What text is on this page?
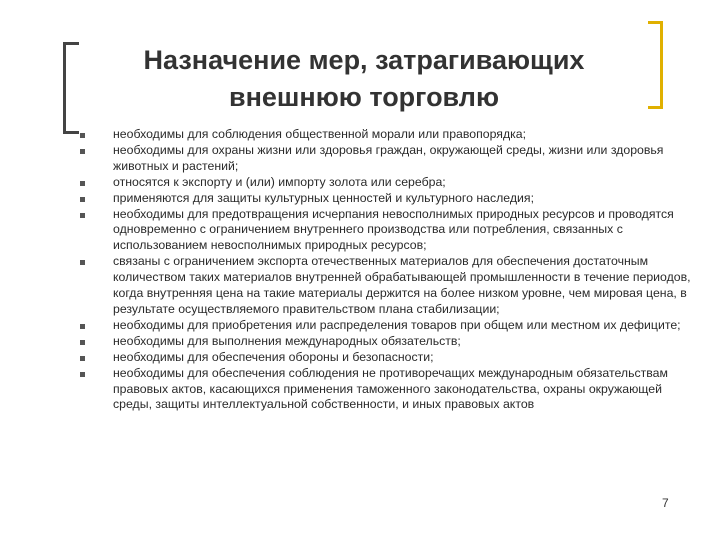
Назначение мер, затрагивающих
внешнюю торговлю
необходимы для соблюдения общественной морали или правопорядка;
необходимы для охраны жизни или здоровья граждан, окружающей среды, жизни или здоровья животных и растений;
относятся к экспорту и (или) импорту золота или серебра;
применяются для защиты культурных ценностей и культурного наследия;
необходимы для предотвращения исчерпания невосполнимых природных ресурсов и проводятся одновременно с ограничением внутреннего производства или потребления, связанных с использованием невосполнимых природных ресурсов;
связаны с ограничением экспорта отечественных материалов для обеспечения достаточным количеством таких материалов внутренней обрабатывающей промышленности в течение периодов, когда внутренняя цена на такие материалы держится на более низком уровне, чем мировая цена, в результате осуществляемого правительством плана стабилизации;
необходимы для приобретения или распределения товаров при общем или местном их дефиците;
необходимы для выполнения международных обязательств;
необходимы для обеспечения обороны и безопасности;
необходимы для обеспечения соблюдения не противоречащих международным обязательствам правовых актов, касающихся применения таможенного законодательства, охраны окружающей среды, защиты интеллектуальной собственности, и иных правовых актов
7
